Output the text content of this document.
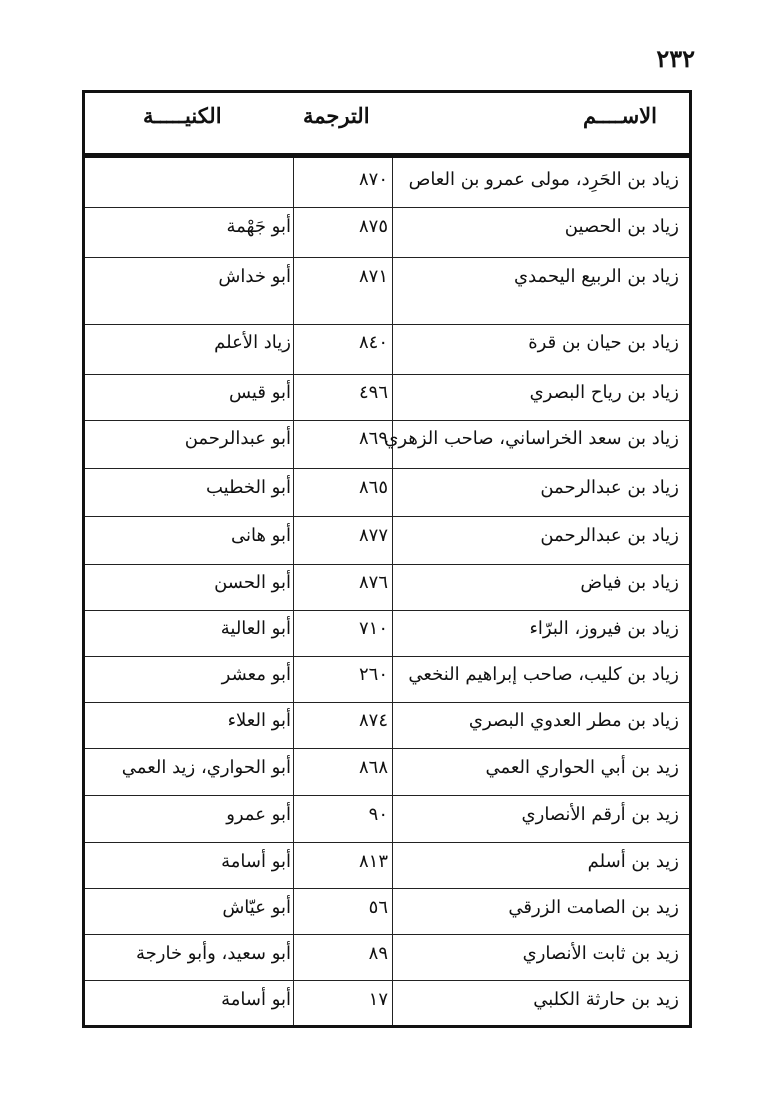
٢٣٢
الاســــم
الترجمة
الكنيـــــة
زياد بن الحَرِد، مولى عمرو بن العاص
٨٧٠
زياد بن الحصين
٨٧٥
أبو جَهْمة
زياد بن الربيع اليحمدي
٨٧١
أبو خداش
زياد بن حيان بن قرة
٨٤٠
زياد الأعلم
زياد بن رياح البصري
٤٩٦
أبو قيس
زياد بن سعد الخراساني، صاحب الزهري
٨٦٩
أبو عبدالرحمن
زياد بن عبدالرحمن
٨٦٥
أبو الخطيب
زياد بن عبدالرحمن
٨٧٧
أبو هانى
زياد بن فياض
٨٧٦
أبو الحسن
زياد بن فيروز، البرّاء
٧١٠
أبو العالية
زياد بن كليب، صاحب إبراهيم النخعي
٢٦٠
أبو معشر
زياد بن مطر العدوي البصري
٨٧٤
أبو العلاء
زيد بن أبي الحواري العمي
٨٦٨
أبو الحواري، زيد العمي
زيد بن أرقم الأنصاري
٩٠
أبو عمرو
زيد بن أسلم
٨١٣
أبو أسامة
زيد بن الصامت الزرقي
٥٦
أبو عيّاش
زيد بن ثابت الأنصاري
٨٩
أبو سعيد، وأبو خارجة
زيد بن حارثة الكلبي
١٧
أبو أسامة
